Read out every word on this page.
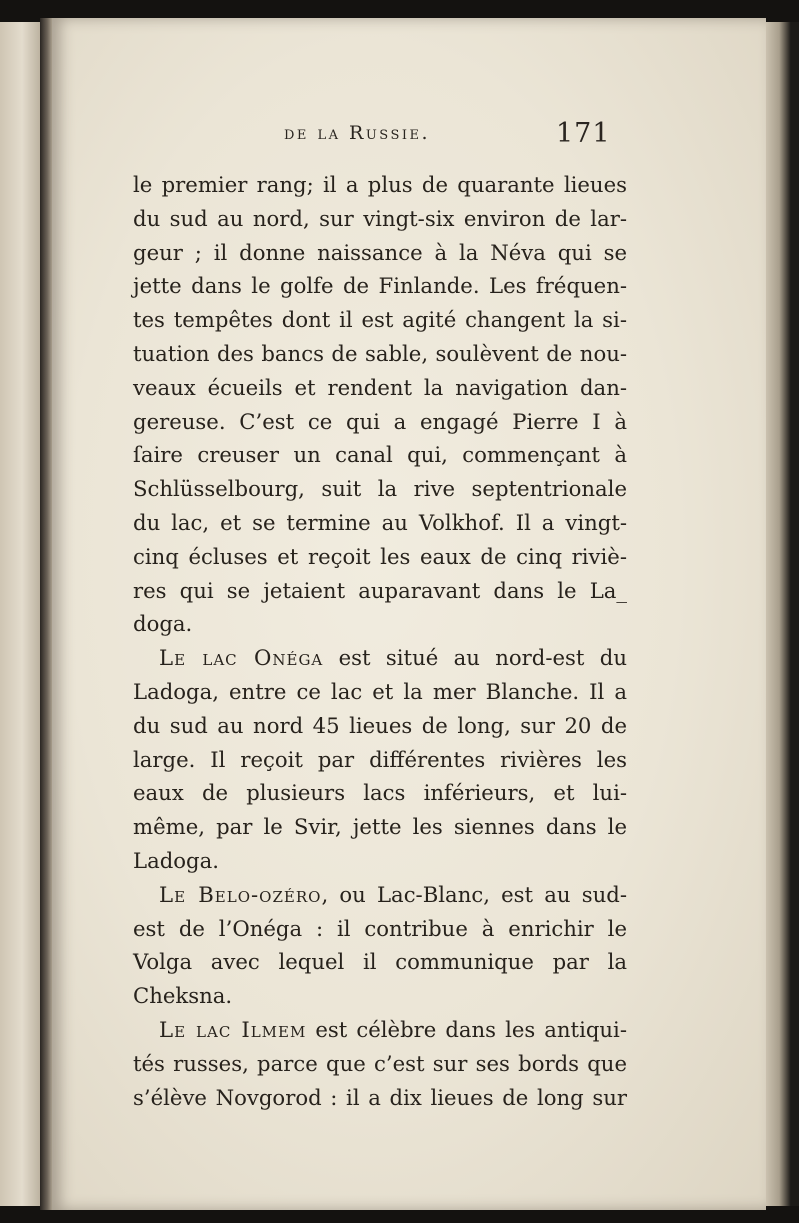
de la Russie.	171
le premier rang; il a plus de quarante lieues
du sud au nord, sur vingt-six environ de lar-
geur ; il donne naissance à la Néva qui se
jette dans le golfe de Finlande. Les fréquen-
tes tempêtes dont il est agité changent la si-
tuation des bancs de sable, soulèvent de nou-
veaux écueils et rendent la navigation dan-
gereuse. C’est ce qui a engagé Pierre I à
ſaire creuser un canal qui, commençant à
Schlüsselbourg, suit la rive septentrionale
du lac, et se termine au Volkhof. Il a vingt-
cinq écluses et reçoit les eaux de cinq riviè-
res qui se jetaient auparavant dans le La_
doga.
Le lac Onéga est situé au nord-est du
Ladoga, entre ce lac et la mer Blanche. Il a
du sud au nord 45 lieues de long, sur 20 de
large. Il reçoit par différentes rivières les
eaux de plusieurs lacs inférieurs, et lui-
même, par le Svir, jette les siennes dans le
Ladoga.
Le Belo-ozéro, ou Lac-Blanc, est au sud-
est de l’Onéga : il contribue à enrichir le
Volga avec lequel il communique par la
Cheksna.
Le lac Ilmem est célèbre dans les antiqui-
tés russes, parce que c’est sur ses bords que
s’élève Novgorod : il a dix lieues de long sur
